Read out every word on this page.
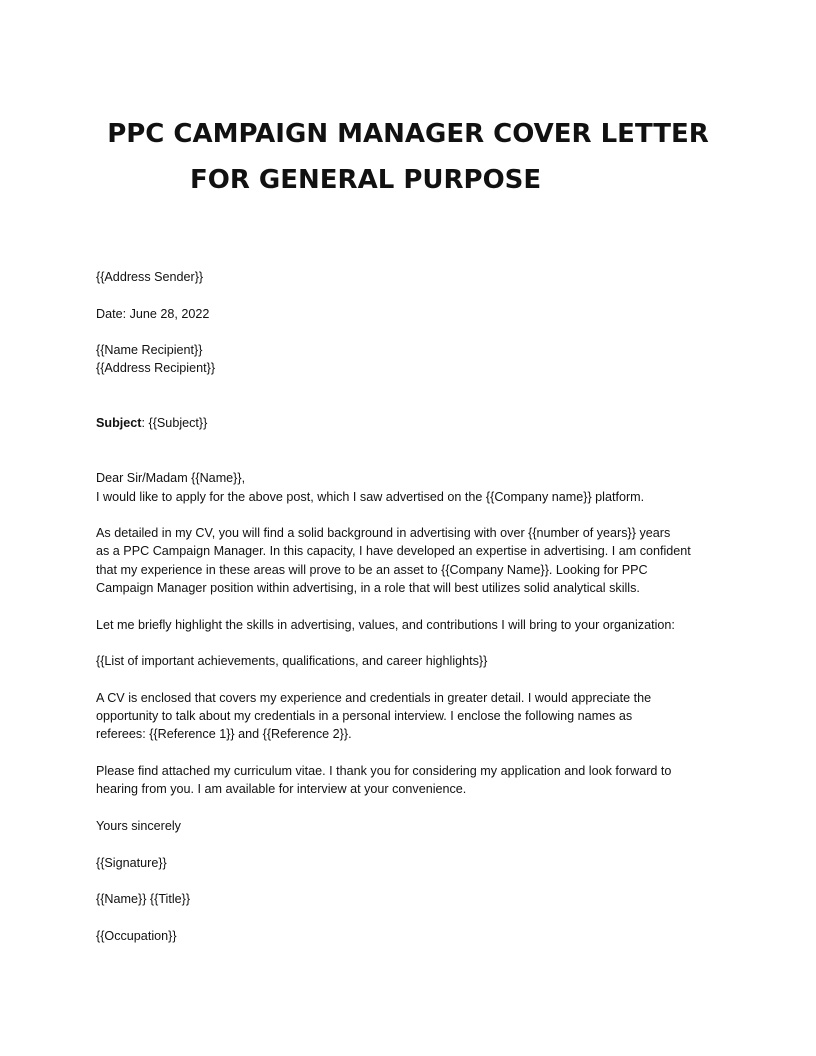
PPC CAMPAIGN MANAGER COVER LETTER
FOR GENERAL PURPOSE

{{Address Sender}}

Date: June 28, 2022

{{Name Recipient}}

{{Address Recipient}}

Subject: {{Subject}}

Dear Sir/Madam {{Name}},

I would like to apply for the above post, which I saw advertised on the {{Company name}} platform.

As detailed in my CV, you will find a solid background in advertising with over {{number of years}} years

as a PPC Campaign Manager. In this capacity, I have developed an expertise in advertising. I am confident

that my experience in these areas will prove to be an asset to {{Company Name}}. Looking for PPC

Campaign Manager position within advertising, in a role that will best utilizes solid analytical skills.

Let me briefly highlight the skills in advertising, values, and contributions I will bring to your organization:

{{List of important achievements, qualifications, and career highlights}}

A CV is enclosed that covers my experience and credentials in greater detail. I would appreciate the

opportunity to talk about my credentials in a personal interview. I enclose the following names as

referees: {{Reference 1}} and {{Reference 2}}.

Please find attached my curriculum vitae. I thank you for considering my application and look forward to

hearing from you. I am available for interview at your convenience.

Yours sincerely

{{Signature}}

{{Name}} {{Title}}

{{Occupation}}
